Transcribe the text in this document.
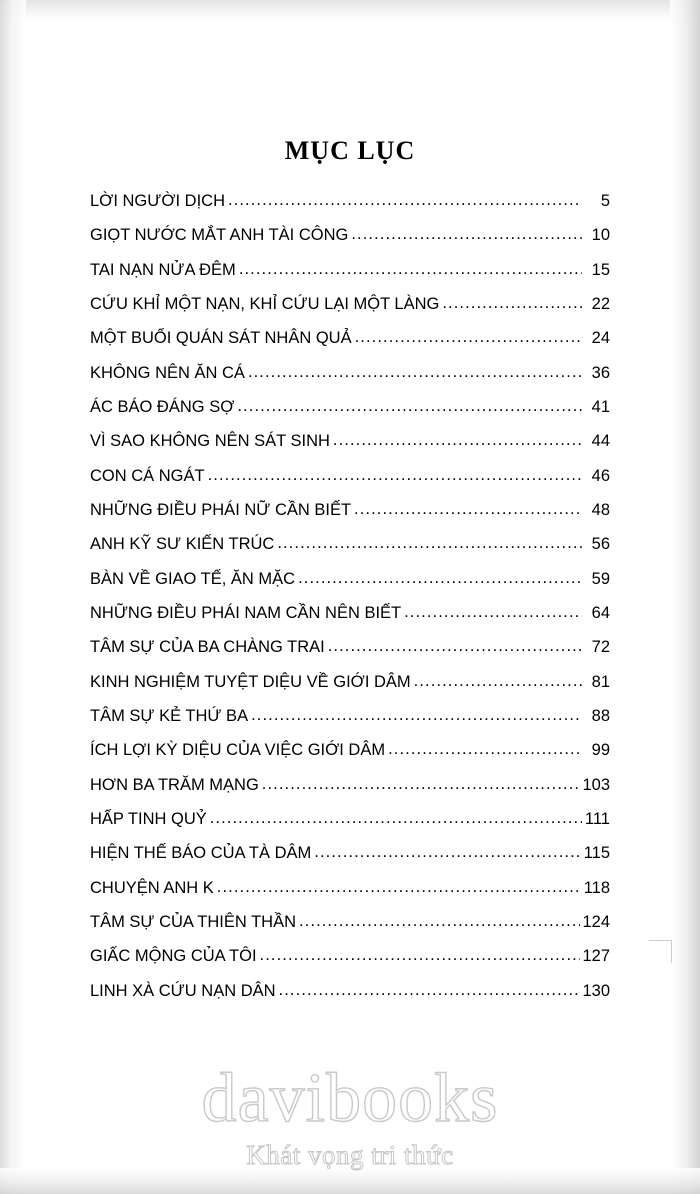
MỤC LỤC
LỜI NGƯỜI DỊCH .....	5
GIỌT NƯỚC MẮT ANH TÀI CÔNG .....	10
TAI NẠN NỬA ĐÊM .....	15
CỨU KHỈ MỘT NẠN, KHỈ CỨU LẠI MỘT LÀNG .....	22
MỘT BUỔI QUÁN SÁT NHÂN QUẢ .....	24
KHÔNG NÊN ĂN CÁ .....	36
ÁC BÁO ĐÁNG SỢ .....	41
VÌ SAO KHÔNG NÊN SÁT SINH .....	44
CON CÁ NGÁT .....	46
NHỮNG ĐIỀU PHÁI NỮ CẦN BIẾT .....	48
ANH KỸ SƯ KIẾN TRÚC .....	56
BÀN VỀ GIAO TẾ, ĂN MẶC .....	59
NHỮNG ĐIỀU PHÁI NAM CẦN NÊN BIẾT .....	64
TÂM SỰ CỦA BA CHÀNG TRAI .....	72
KINH NGHIỆM TUYỆT DIỆU VỀ GIỚI DÂM .....	81
TÂM SỰ KẺ THỨ BA .....	88
ÍCH LỢI KỲ DIỆU CỦA VIỆC GIỚI DÂM .....	99
HƠN BA TRĂM MẠNG .....	103
HẤP TINH QUỶ .....	111
HIỆN THẾ BÁO CỦA TÀ DÂM .....	115
CHUYỆN ANH K .....	118
TÂM SỰ CỦA THIÊN THẦN .....	124
GIẤC MỘNG CỦA TÔI .....	127
LINH XÀ CỨU NẠN DÂN .....	130
davibooks
Khát vọng tri thức
